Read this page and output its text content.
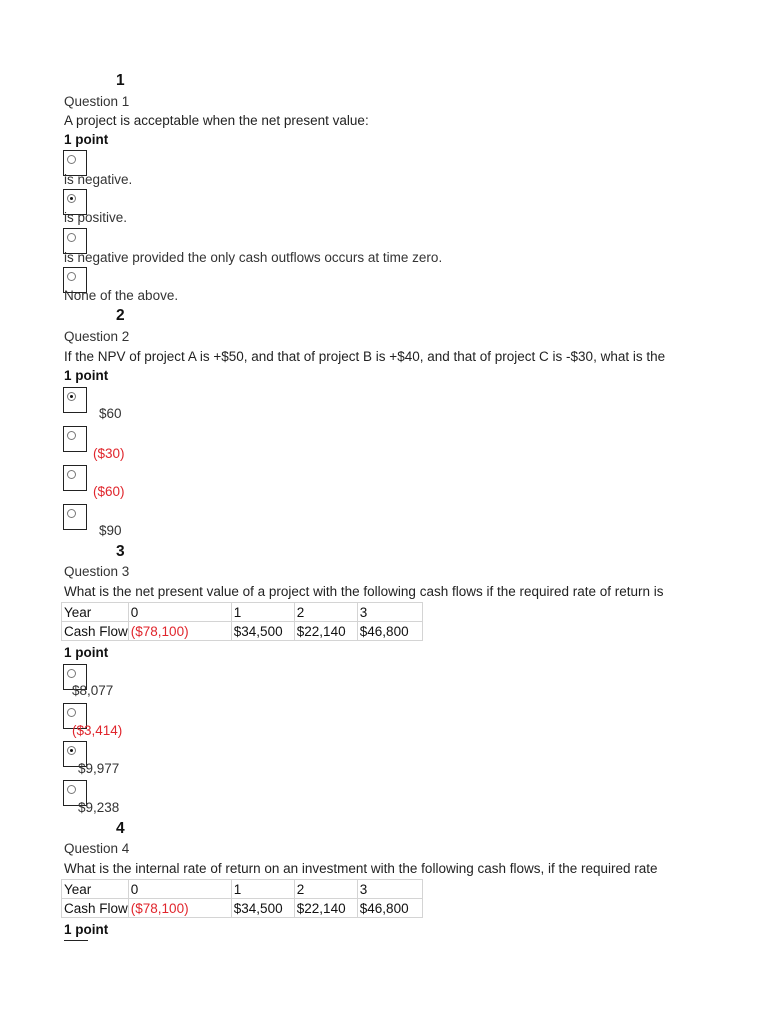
1
Question 1
A project is acceptable when the net present value:
1 point
is negative.
is positive.
is negative provided the only cash outflows occurs at time zero.
None of the above.
2
Question 2
If the NPV of project A is +$50, and that of project B is +$40, and that of project C is -$30, what is the
1 point
$60
($30)
($60)
$90
3
Question 3
What is the net present value of a project with the following cash flows if the required rate of return is
Year	0	1	2	3
Cash Flow	($78,100)	$34,500	$22,140	$46,800
1 point
$8,077
($3,414)
$9,977
$9,238
4
Question 4
What is the internal rate of return on an investment with the following cash flows, if the required rate
Year	0	1	2	3
Cash Flow	($78,100)	$34,500	$22,140	$46,800
1 point
